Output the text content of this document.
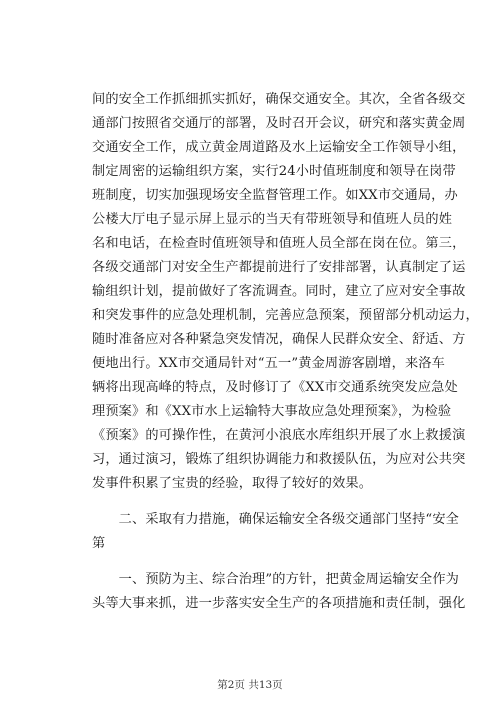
间的安全工作抓细抓实抓好，确保交通安全。其次，全省各级交
通部门按照省交通厅的部署，及时召开会议，研究和落实黄金周
交通安全工作，成立黄金周道路及水上运输安全工作领导小组，
制定周密的运输组织方案，实行24小时值班制度和领导在岗带
班制度，切实加强现场安全监督管理工作。如XX市交通局，办
公楼大厅电子显示屏上显示的当天有带班领导和值班人员的姓
名和电话，在检查时值班领导和值班人员全部在岗在位。第三，
各级交通部门对安全生产都提前进行了安排部署，认真制定了运
输组织计划，提前做好了客流调查。同时，建立了应对安全事故
和突发事件的应急处理机制，完善应急预案，预留部分机动运力，
随时准备应对各种紧急突发情况，确保人民群众安全、舒适、方
便地出行。XX市交通局针对“五一”黄金周游客剧增，来洛车
辆将出现高峰的特点，及时修订了《XX市交通系统突发应急处
理预案》和《XX市水上运输特大事故应急处理预案》，为检验
《预案》的可操作性，在黄河小浪底水库组织开展了水上救援演
习，通过演习，锻炼了组织协调能力和救援队伍，为应对公共突
发事件积累了宝贵的经验，取得了较好的效果。
　　二、采取有力措施，确保运输安全各级交通部门坚持“安全
第
　　一、预防为主、综合治理”的方针，把黄金周运输安全作为
头等大事来抓，进一步落实安全生产的各项措施和责任制，强化
第2页 共13页
